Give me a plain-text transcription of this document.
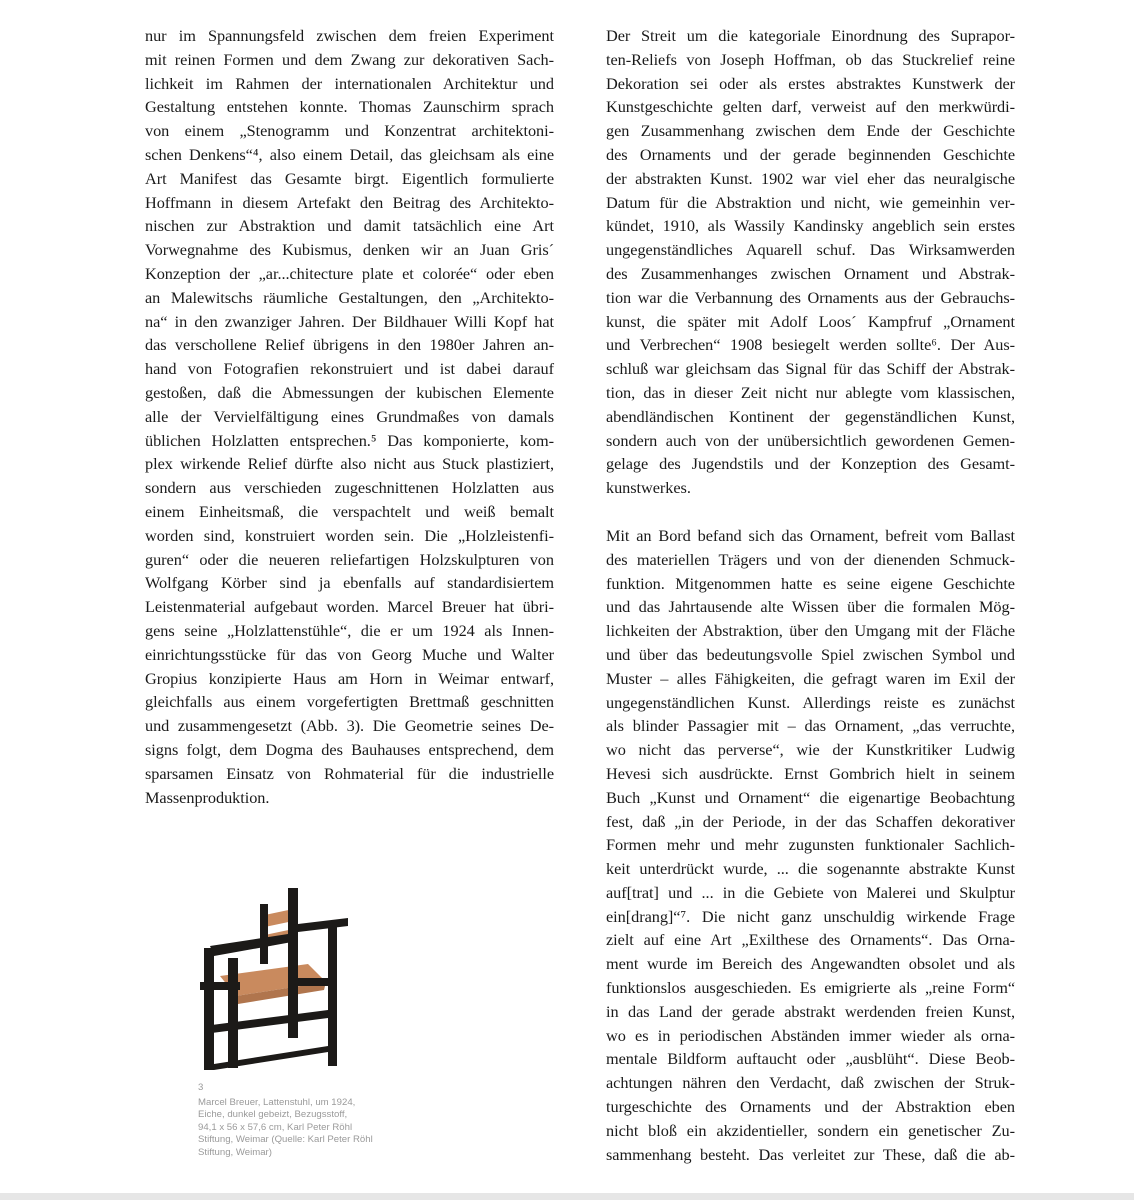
nur im Spannungsfeld zwischen dem freien Experiment
mit reinen Formen und dem Zwang zur dekorativen Sach-
lichkeit im Rahmen der internationalen Architektur und
Gestaltung entstehen konnte. Thomas Zaunschirm sprach
von einem „Stenogramm und Konzentrat architektoni-
schen Denkens“⁴, also einem Detail, das gleichsam als eine
Art Manifest das Gesamte birgt. Eigentlich formulierte
Hoffmann in diesem Artefakt den Beitrag des Architekto-
nischen zur Abstraktion und damit tatsächlich eine Art
Vorwegnahme des Kubismus, denken wir an Juan Gris´
Konzeption der „ar...chitecture plate et colorée“ oder eben
an Malewitschs räumliche Gestaltungen, den „Architekto-
na“ in den zwanziger Jahren. Der Bildhauer Willi Kopf hat
das verschollene Relief übrigens in den 1980er Jahren an-
hand von Fotografien rekonstruiert und ist dabei darauf
gestoßen, daß die Abmessungen der kubischen Elemente
alle der Vervielfältigung eines Grundmaßes von damals
üblichen Holzlatten entsprechen.⁵ Das komponierte, kom-
plex wirkende Relief dürfte also nicht aus Stuck plastiziert,
sondern aus verschieden zugeschnittenen Holzlatten aus
einem Einheitsmaß, die verspachtelt und weiß bemalt
worden sind, konstruiert worden sein. Die „Holzleistenfi-
guren“ oder die neueren reliefartigen Holzskulpturen von
Wolfgang Körber sind ja ebenfalls auf standardisiertem
Leistenmaterial aufgebaut worden. Marcel Breuer hat übri-
gens seine „Holzlattenstühle“, die er um 1924 als Innen-
einrichtungsstücke für das von Georg Muche und Walter
Gropius konzipierte Haus am Horn in Weimar entwarf,
gleichfalls aus einem vorgefertigten Brettmaß geschnitten
und zusammengesetzt (Abb. 3). Die Geometrie seines De-
signs folgt, dem Dogma des Bauhauses entsprechend, dem
sparsamen Einsatz von Rohmaterial für die industrielle
Massenproduktion.
Der Streit um die kategoriale Einordnung des Suprapor-
ten-Reliefs von Joseph Hoffman, ob das Stuckrelief reine
Dekoration sei oder als erstes abstraktes Kunstwerk der
Kunstgeschichte gelten darf, verweist auf den merkwürdi-
gen Zusammenhang zwischen dem Ende der Geschichte
des Ornaments und der gerade beginnenden Geschichte
der abstrakten Kunst. 1902 war viel eher das neuralgische
Datum für die Abstraktion und nicht, wie gemeinhin ver-
kündet, 1910, als Wassily Kandinsky angeblich sein erstes
ungegenständliches Aquarell schuf. Das Wirksamwerden
des Zusammenhanges zwischen Ornament und Abstrak-
tion war die Verbannung des Ornaments aus der Gebrauchs-
kunst, die später mit Adolf Loos´ Kampfruf „Ornament
und Verbrechen“ 1908 besiegelt werden sollte⁶. Der Aus-
schluß war gleichsam das Signal für das Schiff der Abstrak-
tion, das in dieser Zeit nicht nur ablegte vom klassischen,
abendländischen Kontinent der gegenständlichen Kunst,
sondern auch von der unübersichtlich gewordenen Gemen-
gelage des Jugendstils und der Konzeption des Gesamt-
kunstwerkes.
Mit an Bord befand sich das Ornament, befreit vom Ballast
des materiellen Trägers und von der dienenden Schmuck-
funktion. Mitgenommen hatte es seine eigene Geschichte
und das Jahrtausende alte Wissen über die formalen Mög-
lichkeiten der Abstraktion, über den Umgang mit der Fläche
und über das bedeutungsvolle Spiel zwischen Symbol und
Muster – alles Fähigkeiten, die gefragt waren im Exil der
ungegenständlichen Kunst. Allerdings reiste es zunächst
als blinder Passagier mit – das Ornament, „das verruchte,
wo nicht das perverse“, wie der Kunstkritiker Ludwig
Hevesi sich ausdrückte. Ernst Gombrich hielt in seinem
Buch „Kunst und Ornament“ die eigenartige Beobachtung
fest, daß „in der Periode, in der das Schaffen dekorativer
Formen mehr und mehr zugunsten funktionaler Sachlich-
keit unterdrückt wurde, ... die sogenannte abstrakte Kunst
auf[trat] und ... in die Gebiete von Malerei und Skulptur
ein[drang]“⁷. Die nicht ganz unschuldig wirkende Frage
zielt auf eine Art „Exilthese des Ornaments“. Das Orna-
ment wurde im Bereich des Angewandten obsolet und als
funktionslos ausgeschieden. Es emigrierte als „reine Form“
in das Land der gerade abstrakt werdenden freien Kunst,
wo es in periodischen Abständen immer wieder als orna-
mentale Bildform auftaucht oder „ausblüht“. Diese Beob-
achtungen nähren den Verdacht, daß zwischen der Struk-
turgeschichte des Ornaments und der Abstraktion eben
nicht bloß ein akzidentieller, sondern ein genetischer Zu-
sammenhang besteht. Das verleitet zur These, daß die ab-
3
Marcel Breuer, Lattenstuhl, um 1924,
Eiche, dunkel gebeizt, Bezugsstoff,
94,1 x 56 x 57,6 cm, Karl Peter Röhl
Stiftung, Weimar (Quelle: Karl Peter Röhl
Stiftung, Weimar)
